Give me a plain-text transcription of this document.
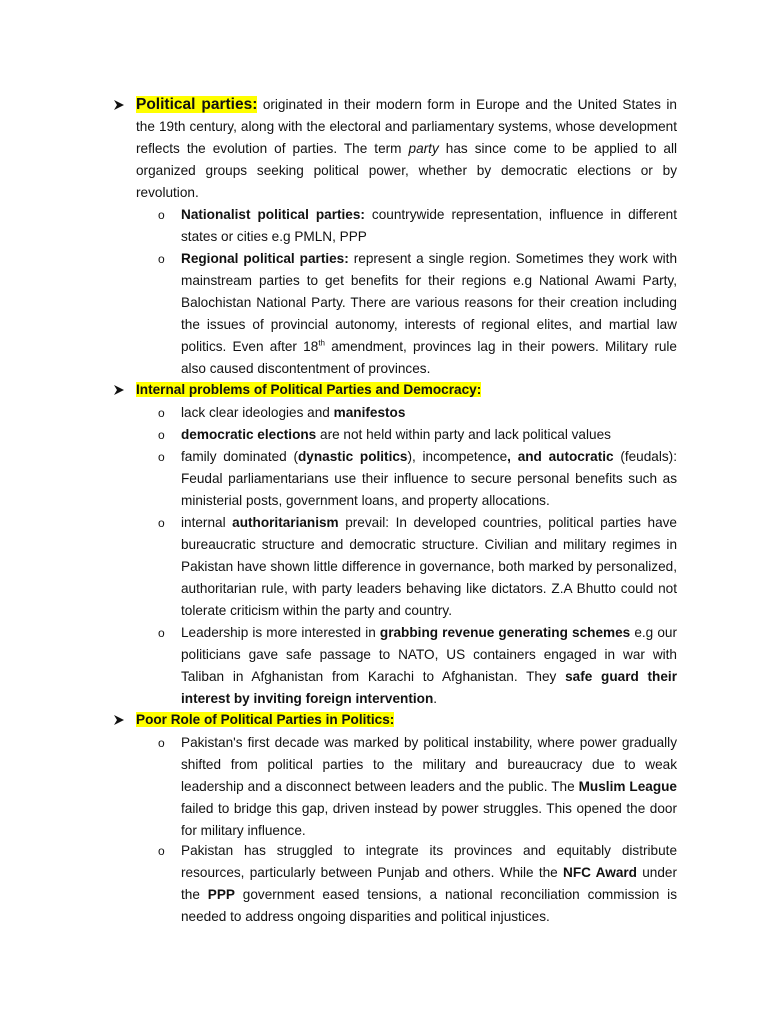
Political parties: originated in their modern form in Europe and the United States in the 19th century, along with the electoral and parliamentary systems, whose development reflects the evolution of parties. The term party has since come to be applied to all organized groups seeking political power, whether by democratic elections or by revolution.
o Nationalist political parties: countrywide representation, influence in different states or cities e.g PMLN, PPP
o Regional political parties: represent a single region. Sometimes they work with mainstream parties to get benefits for their regions e.g National Awami Party, Balochistan National Party. There are various reasons for their creation including the issues of provincial autonomy, interests of regional elites, and martial law politics. Even after 18th amendment, provinces lag in their powers. Military rule also caused discontentment of provinces.
Internal problems of Political Parties and Democracy:
o lack clear ideologies and manifestos
o democratic elections are not held within party and lack political values
o family dominated (dynastic politics), incompetence, and autocratic (feudals): Feudal parliamentarians use their influence to secure personal benefits such as ministerial posts, government loans, and property allocations.
o internal authoritarianism prevail: In developed countries, political parties have bureaucratic structure and democratic structure. Civilian and military regimes in Pakistan have shown little difference in governance, both marked by personalized, authoritarian rule, with party leaders behaving like dictators. Z.A Bhutto could not tolerate criticism within the party and country.
o Leadership is more interested in grabbing revenue generating schemes e.g our politicians gave safe passage to NATO, US containers engaged in war with Taliban in Afghanistan from Karachi to Afghanistan. They safe guard their interest by inviting foreign intervention.
Poor Role of Political Parties in Politics:
o Pakistan's first decade was marked by political instability, where power gradually shifted from political parties to the military and bureaucracy due to weak leadership and a disconnect between leaders and the public. The Muslim League failed to bridge this gap, driven instead by power struggles. This opened the door for military influence.
o Pakistan has struggled to integrate its provinces and equitably distribute resources, particularly between Punjab and others. While the NFC Award under the PPP government eased tensions, a national reconciliation commission is needed to address ongoing disparities and political injustices.
